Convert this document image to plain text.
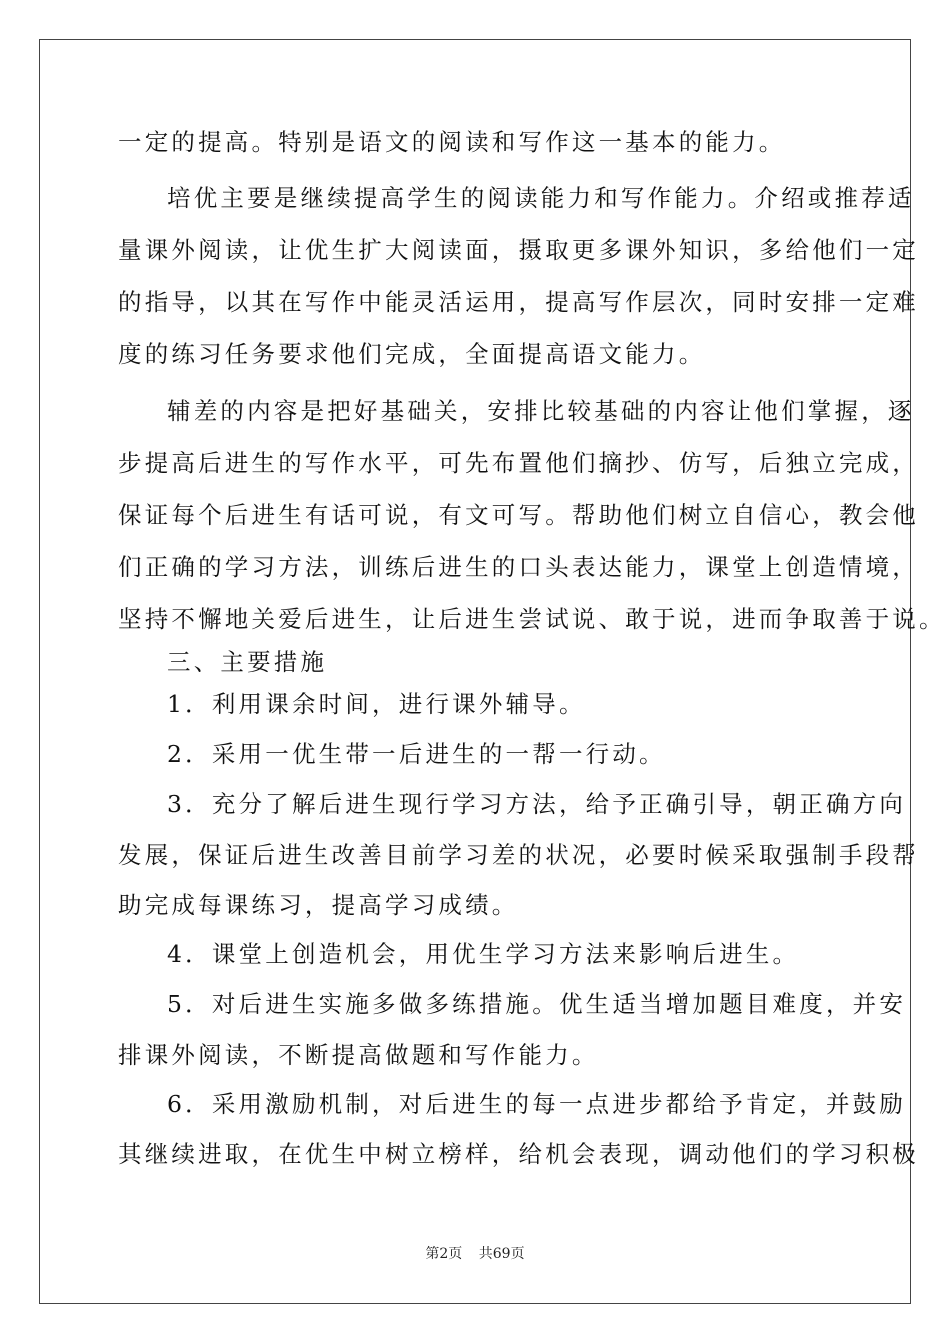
一定的提高。特别是语文的阅读和写作这一基本的能力。
培优主要是继续提高学生的阅读能力和写作能力。介绍或推荐适
量课外阅读，让优生扩大阅读面，摄取更多课外知识，多给他们一定
的指导，以其在写作中能灵活运用，提高写作层次，同时安排一定难
度的练习任务要求他们完成，全面提高语文能力。
辅差的内容是把好基础关，安排比较基础的内容让他们掌握，逐
步提高后进生的写作水平，可先布置他们摘抄、仿写，后独立完成，
保证每个后进生有话可说，有文可写。帮助他们树立自信心，教会他
们正确的学习方法，训练后进生的口头表达能力，课堂上创造情境，
坚持不懈地关爱后进生，让后进生尝试说、敢于说，进而争取善于说。
三、主要措施
1．利用课余时间，进行课外辅导。
2．采用一优生带一后进生的一帮一行动。
3．充分了解后进生现行学习方法，给予正确引导，朝正确方向
发展，保证后进生改善目前学习差的状况，必要时候采取强制手段帮
助完成每课练习，提高学习成绩。
4．课堂上创造机会，用优生学习方法来影响后进生。
5．对后进生实施多做多练措施。优生适当增加题目难度，并安
排课外阅读，不断提高做题和写作能力。
6．采用激励机制，对后进生的每一点进步都给予肯定，并鼓励
其继续进取，在优生中树立榜样，给机会表现，调动他们的学习积极
第2页 共69页
